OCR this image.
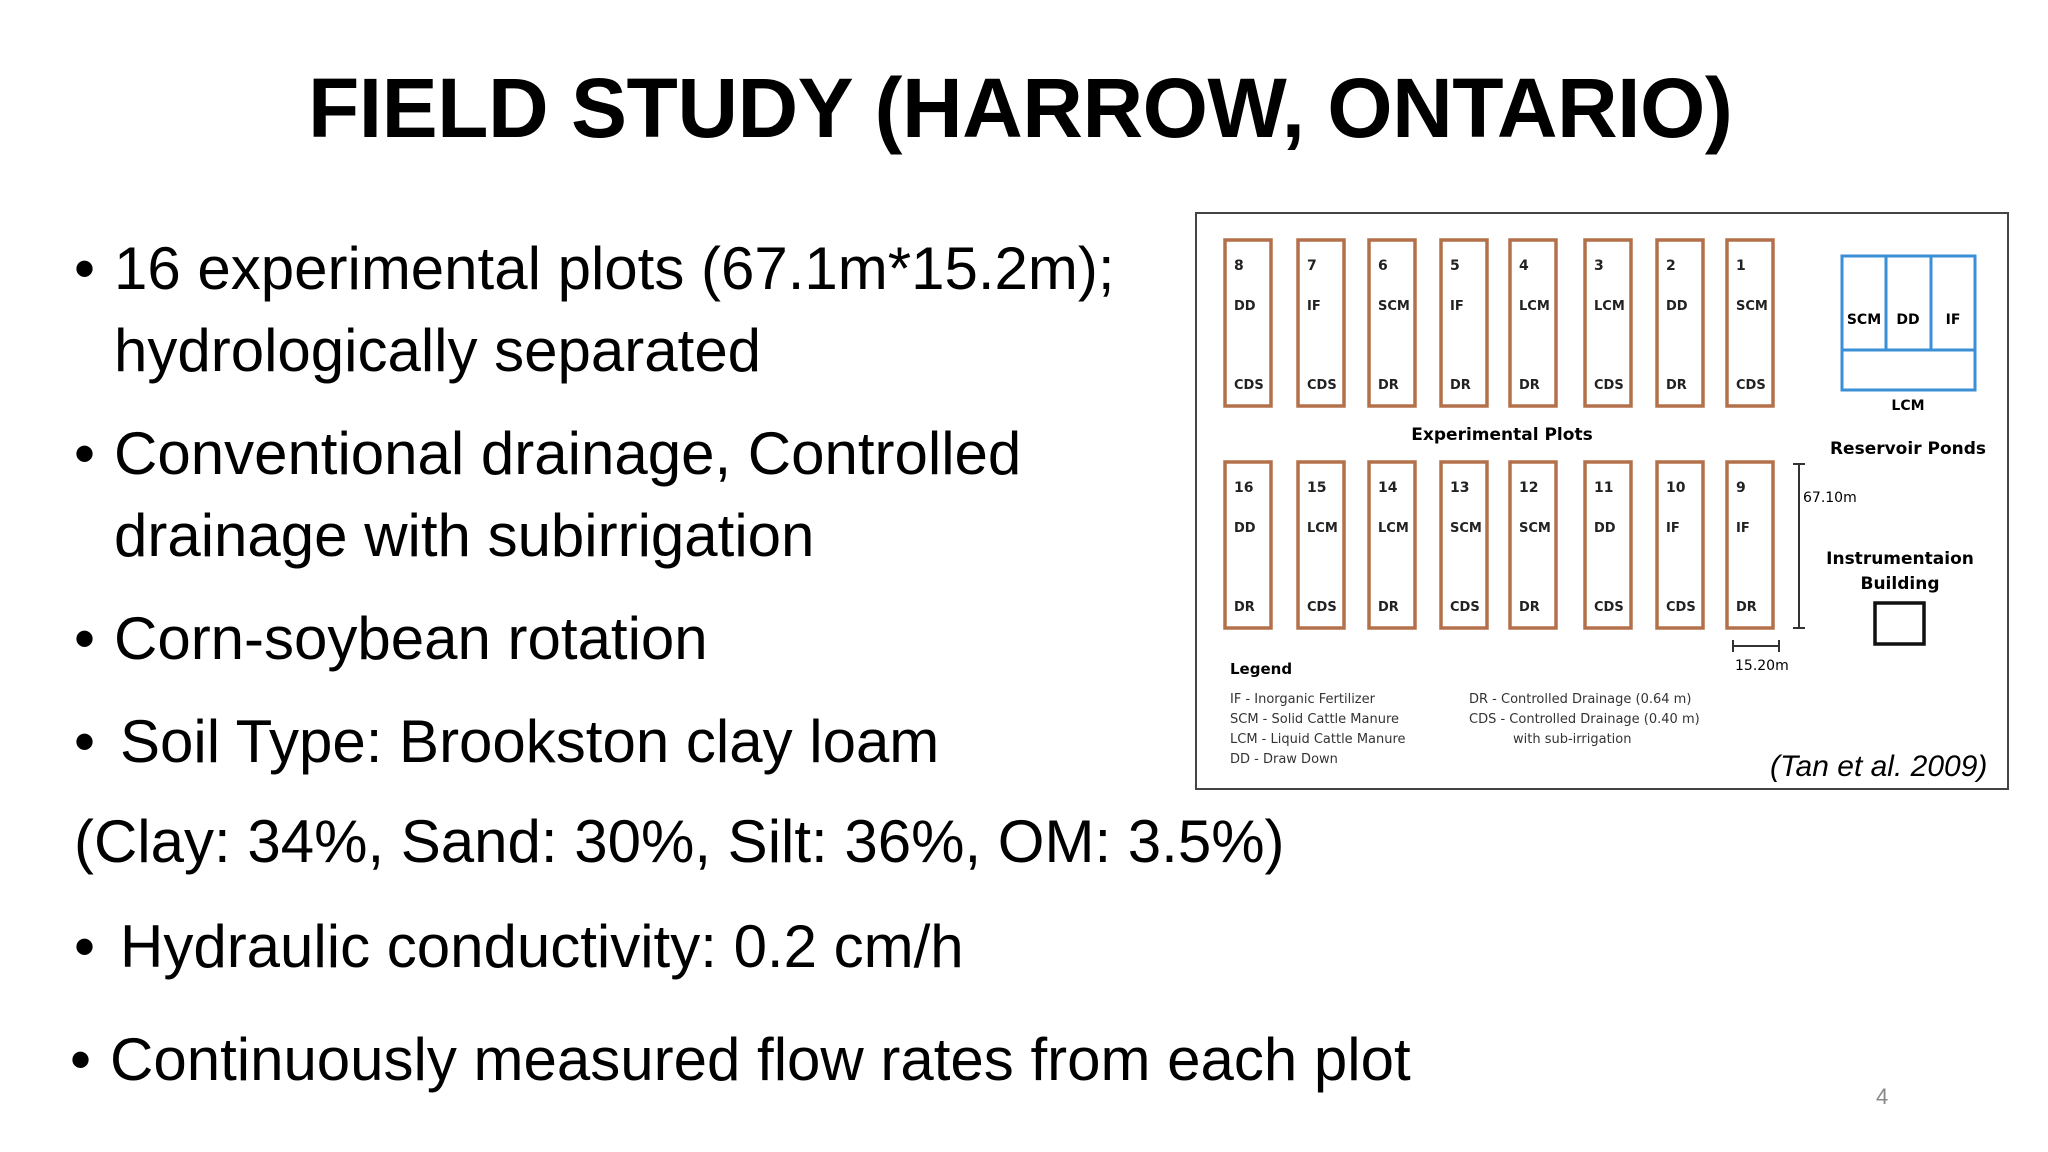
FIELD STUDY (HARROW, ONTARIO)
• 16 experimental plots (67.1m*15.2m);
hydrologically separated
• Conventional drainage, Controlled
drainage with subirrigation
• Corn-soybean rotation
• Soil Type: Brookston clay loam
(Clay: 34%, Sand: 30%, Silt: 36%, OM: 3.5%)
• Hydraulic conductivity: 0.2 cm/h
• Continuously measured flow rates from each plot
4
8
DD
CDS
7
IF
CDS
6
SCM
DR
5
IF
DR
4
LCM
DR
3
LCM
CDS
2
DD
DR
1
SCM
CDS
16
DD
DR
15
LCM
CDS
14
LCM
DR
13
SCM
CDS
12
SCM
DR
11
DD
CDS
10
IF
CDS
9
IF
DR
Experimental Plots
SCM DD IF
LCM
Reservoir Ponds
67.10m
15.20m
Instrumentaion
Building
Legend
IF - Inorganic Fertilizer
SCM - Solid Cattle Manure
LCM - Liquid Cattle Manure
DD - Draw Down
DR - Controlled Drainage (0.64 m)
CDS - Controlled Drainage (0.40 m)
with sub-irrigation
(Tan et al. 2009)
